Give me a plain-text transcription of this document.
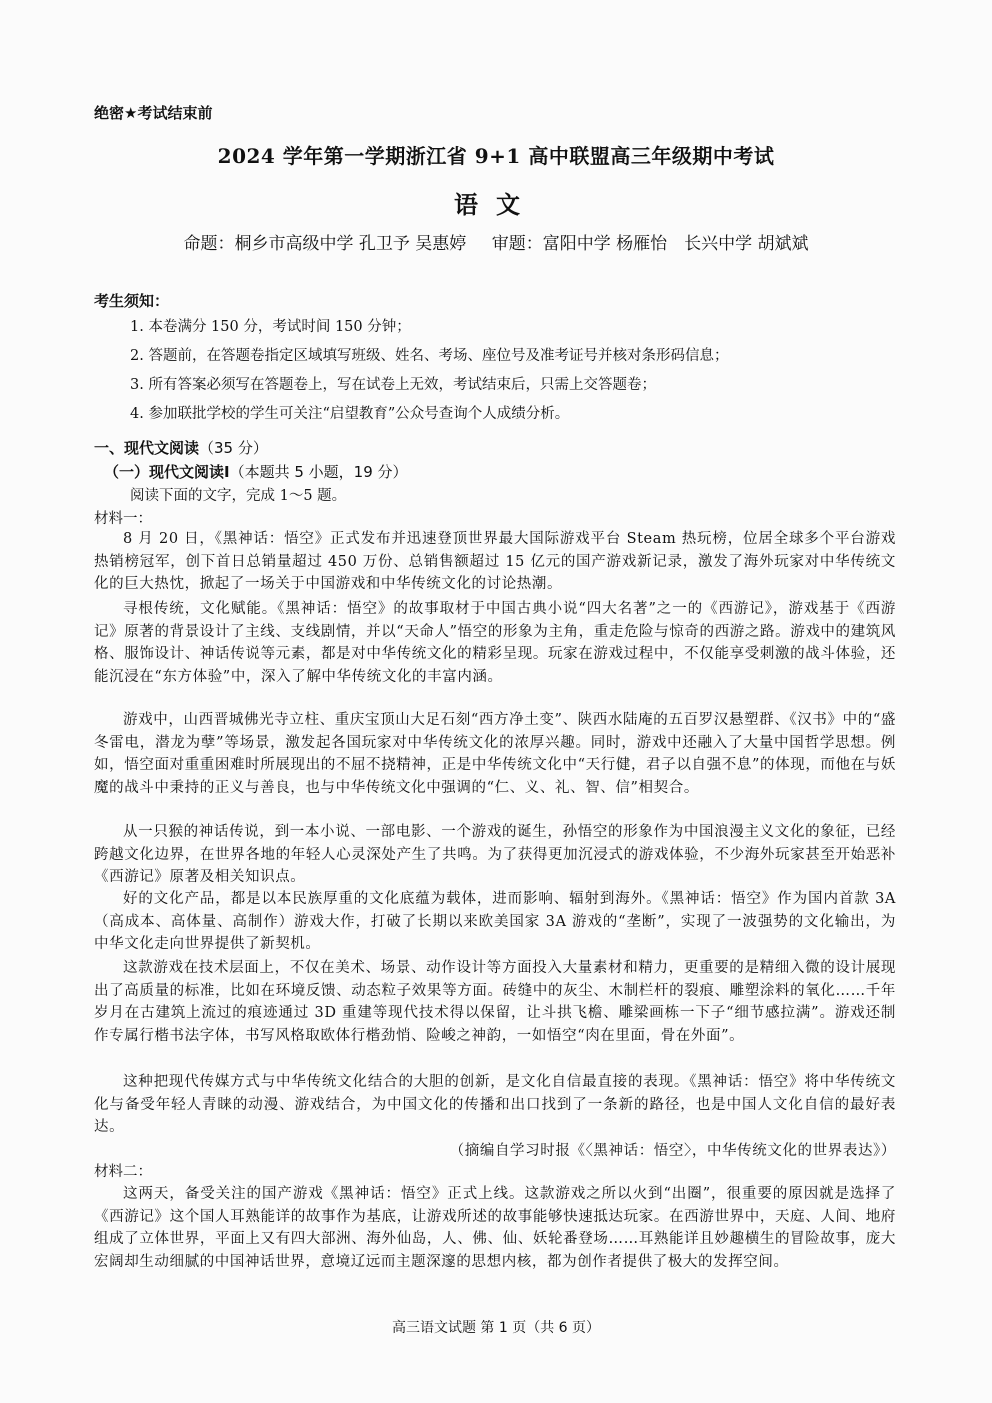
绝密★考试结束前
2024 学年第一学期浙江省 9+1 高中联盟高三年级期中考试
语文
命题：桐乡市高级中学 孔卫予 吴惠婷 审题：富阳中学 杨雁怡　长兴中学 胡斌斌
考生须知：
1. 本卷满分 150 分，考试时间 150 分钟；
2. 答题前，在答题卷指定区域填写班级、姓名、考场、座位号及准考证号并核对条形码信息；
3. 所有答案必须写在答题卷上，写在试卷上无效，考试结束后，只需上交答题卷；
4. 参加联批学校的学生可关注“启望教育”公众号查询个人成绩分析。
一、现代文阅读（35 分）
（一）现代文阅读Ⅰ（本题共 5 小题，19 分）
阅读下面的文字，完成 1～5 题。
材料一：
8 月 20 日，《黑神话：悟空》正式发布并迅速登顶世界最大国际游戏平台 Steam 热玩榜，位居全球多个平台游戏热销榜冠军，创下首日总销量超过 450 万份、总销售额超过 15 亿元的国产游戏新记录，激发了海外玩家对中华传统文化的巨大热忱，掀起了一场关于中国游戏和中华传统文化的讨论热潮。
寻根传统，文化赋能。《黑神话：悟空》的故事取材于中国古典小说“四大名著”之一的《西游记》，游戏基于《西游记》原著的背景设计了主线、支线剧情，并以“天命人”悟空的形象为主角，重走危险与惊奇的西游之路。游戏中的建筑风格、服饰设计、神话传说等元素，都是对中华传统文化的精彩呈现。玩家在游戏过程中，不仅能享受刺激的战斗体验，还能沉浸在“东方体验”中，深入了解中华传统文化的丰富内涵。
游戏中，山西晋城佛光寺立柱、重庆宝顶山大足石刻“西方净土变”、陕西水陆庵的五百罗汉悬塑群、《汉书》中的“盛冬雷电，潜龙为孽”等场景，激发起各国玩家对中华传统文化的浓厚兴趣。同时，游戏中还融入了大量中国哲学思想。例如，悟空面对重重困难时所展现出的不屈不挠精神，正是中华传统文化中“天行健，君子以自强不息”的体现，而他在与妖魔的战斗中秉持的正义与善良，也与中华传统文化中强调的“仁、义、礼、智、信”相契合。
从一只猴的神话传说，到一本小说、一部电影、一个游戏的诞生，孙悟空的形象作为中国浪漫主义文化的象征，已经跨越文化边界，在世界各地的年轻人心灵深处产生了共鸣。为了获得更加沉浸式的游戏体验，不少海外玩家甚至开始恶补《西游记》原著及相关知识点。
好的文化产品，都是以本民族厚重的文化底蕴为载体，进而影响、辐射到海外。《黑神话：悟空》作为国内首款 3A（高成本、高体量、高制作）游戏大作，打破了长期以来欧美国家 3A 游戏的“垄断”，实现了一波强势的文化输出，为中华文化走向世界提供了新契机。
这款游戏在技术层面上，不仅在美术、场景、动作设计等方面投入大量素材和精力，更重要的是精细入微的设计展现出了高质量的标准，比如在环境反馈、动态粒子效果等方面。砖缝中的灰尘、木制栏杆的裂痕、雕塑涂料的氧化……千年岁月在古建筑上流过的痕迹通过 3D 重建等现代技术得以保留，让斗拱飞檐、雕梁画栋一下子“细节感拉满”。游戏还制作专属行楷书法字体，书写风格取欧体行楷劲悄、险峻之神韵，一如悟空“肉在里面，骨在外面”。
这种把现代传媒方式与中华传统文化结合的大胆的创新，是文化自信最直接的表现。《黑神话：悟空》将中华传统文化与备受年轻人青睐的动漫、游戏结合，为中国文化的传播和出口找到了一条新的路径，也是中国人文化自信的最好表达。
（摘编自学习时报《〈黑神话：悟空〉，中华传统文化的世界表达》）
材料二：
这两天，备受关注的国产游戏《黑神话：悟空》正式上线。这款游戏之所以火到“出圈”，很重要的原因就是选择了《西游记》这个国人耳熟能详的故事作为基底，让游戏所述的故事能够快速抵达玩家。在西游世界中，天庭、人间、地府组成了立体世界，平面上又有四大部洲、海外仙岛，人、佛、仙、妖轮番登场……耳熟能详且妙趣横生的冒险故事，庞大宏阔却生动细腻的中国神话世界，意境辽远而主题深邃的思想内核，都为创作者提供了极大的发挥空间。
高三语文试题 第 1 页（共 6 页）
